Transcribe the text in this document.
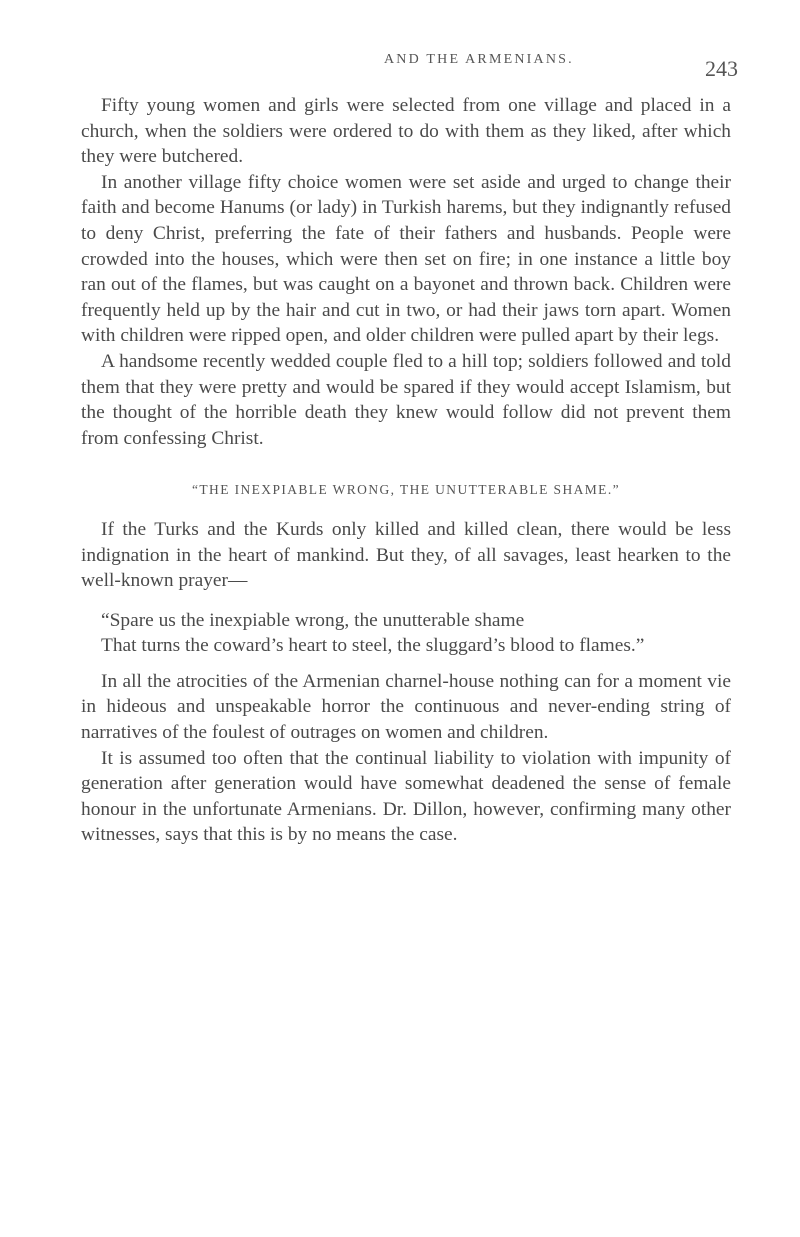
AND THE ARMENIANS.	243

Fifty young women and girls were selected from one village and placed in a church, when the soldiers were ordered to do with them as they liked, after which they were butchered.

In another village fifty choice women were set aside and urged to change their faith and become Hanums (or lady) in Turkish harems, but they indignantly refused to deny Christ, preferring the fate of their fathers and husbands. People were crowded into the houses, which were then set on fire; in one instance a little boy ran out of the flames, but was caught on a bayonet and thrown back. Children were frequently held up by the hair and cut in two, or had their jaws torn apart. Women with children were ripped open, and older children were pulled apart by their legs.

A handsome recently wedded couple fled to a hill top; soldiers followed and told them that they were pretty and would be spared if they would accept Islamism, but the thought of the horrible death they knew would follow did not prevent them from confessing Christ.

“THE INEXPIABLE WRONG, THE UNUTTERABLE SHAME.”

If the Turks and the Kurds only killed and killed clean, there would be less indignation in the heart of mankind. But they, of all savages, least hearken to the well-known prayer—

“Spare us the inexpiable wrong, the unutterable shame
That turns the coward’s heart to steel, the sluggard’s blood to flames.”

In all the atrocities of the Armenian charnel-house nothing can for a moment vie in hideous and unspeakable horror the continuous and never-ending string of narratives of the foulest of outrages on women and children.

It is assumed too often that the continual liability to violation with impunity of generation after generation would have somewhat deadened the sense of female honour in the unfortunate Armenians. Dr. Dillon, however, confirming many other witnesses, says that this is by no means the case.
